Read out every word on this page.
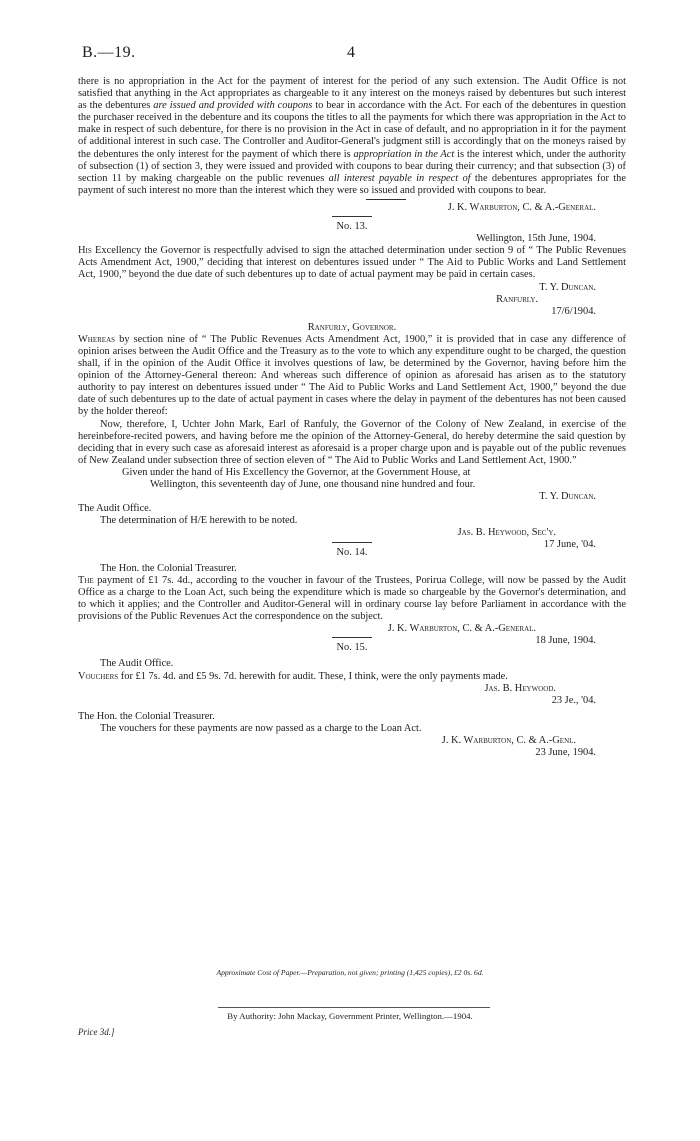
B.—19.	4

there is no appropriation in the Act for the payment of interest for the period of any such extension. The Audit Office is not satisfied that anything in the Act appropriates as chargeable to it any interest on the moneys raised by debentures but such interest as the debentures are issued and provided with coupons to bear in accordance with the Act. For each of the debentures in question the purchaser received in the debenture and its coupons the titles to all the payments for which there was appropriation in the Act to make in respect of such debenture, for there is no provision in the Act in case of default, and no appropriation in it for the payment of additional interest in such case. The Controller and Auditor-General's judgment still is accordingly that on the moneys raised by the debentures the only interest for the payment of which there is appropriation in the Act is the interest which, under the authority of subsection (1) of section 3, they were issued and provided with coupons to bear during their currency; and that subsection (3) of section 11 by making chargeable on the public revenues all interest payable in respect of the debentures appropriates for the payment of such interest no more than the interest which they were so issued and provided with coupons to bear.

J. K. Warburton, C. & A.-General.
No. 13.
Wellington, 15th June, 1904.

His Excellency the Governor is respectfully advised to sign the attached determination under section 9 of “ The Public Revenues Acts Amendment Act, 1900,” deciding that interest on debentures issued under “ The Aid to Public Works and Land Settlement Act, 1900,” beyond the due date of such debentures up to date of actual payment may be paid in certain cases.

T. Y. Duncan.
Ranfurly.
17/6/1904.
Ranfurly, Governor.

Whereas by section nine of “ The Public Revenues Acts Amendment Act, 1900,” it is provided that in case any difference of opinion arises between the Audit Office and the Treasury as to the vote to which any expenditure ought to be charged, the question shall, if in the opinion of the Audit Office it involves questions of law, be determined by the Governor, having before him the opinion of the Attorney-General thereon: And whereas such difference of opinion as aforesaid has arisen as to the statutory authority to pay interest on debentures issued under “ The Aid to Public Works and Land Settlement Act, 1900,” beyond the due date of such debentures up to the date of actual payment in cases where the delay in payment of the debentures has not been caused by the holder thereof:

Now, therefore, I, Uchter John Mark, Earl of Ranfuly, the Governor of the Colony of New Zealand, in exercise of the hereinbefore-recited powers, and having before me the opinion of the Attorney-General, do hereby determine the said question by deciding that in every such case as aforesaid interest as aforesaid is a proper charge upon and is payable out of the public revenues of New Zealand under subsection three of section eleven of “ The Aid to Public Works and Land Settlement Act, 1900.”

Given under the hand of His Excellency the Governor, at the Government House, at
Wellington, this seventeenth day of June, one thousand nine hundred and four.
T. Y. Duncan.
The Audit Office.
The determination of H/E herewith to be noted.
Jas. B. Heywood, Sec'y.
17 June, '04.
No. 14.
The Hon. the Colonial Treasurer.

The payment of £1 7s. 4d., according to the voucher in favour of the Trustees, Porirua College, will now be passed by the Audit Office as a charge to the Loan Act, such being the expenditure which is made so chargeable by the Governor's determination, and to which it applies; and the Controller and Auditor-General will in ordinary course lay before Parliament in accordance with the provisions of the Public Revenues Act the correspondence on the subject.

J. K. Warburton, C. & A.-General.
18 June, 1904.
No. 15.
The Audit Office.

Vouchers for £1 7s. 4d. and £5 9s. 7d. herewith for audit. These, I think, were the only payments made.

Jas. B. Heywood.
23 Je., '04.
The Hon. the Colonial Treasurer.
The vouchers for these payments are now passed as a charge to the Loan Act.
J. K. Warburton, C. & A.-Genl.
23 June, 1904.
Approximate Cost of Paper.—Preparation, not given; printing (1,425 copies), £2 0s. 6d.
By Authority: John Mackay, Government Printer, Wellington.—1904.
Price 3d.]
